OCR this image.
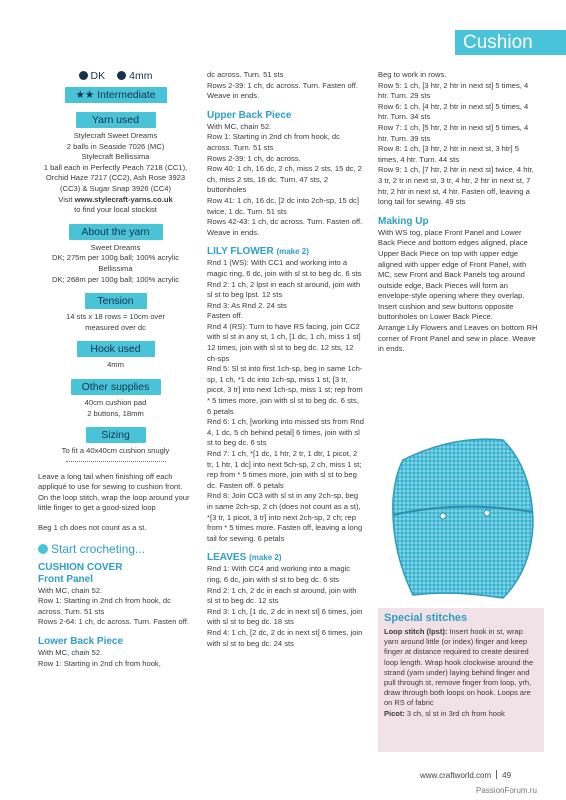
Cushion
DK	4mm
★★ Intermediate
Yarn used

Stylecraft Sweet Dreams

2 balls in Seaside 7026 (MC)

Stylecraft Bellissima

1 ball each in Perfectly Peach 7218 (CC1),

Orchid Haze 7217 (CC2), Ash Rose 3923

(CC3) & Sugar Snap 3926 (CC4)

Visit www.stylecraft-yarns.co.uk

to find your local stockist

About the yarn

Sweet Dreams

DK; 275m per 100g ball; 100% acrylic

Bellissima

DK; 268m per 100g ball; 100% acrylic

Tension

14 sts x 18 rows = 10cm over

measured over dc

Hook used

4mm

Other supplies

40cm cushion pad

2 buttons, 18mm

Sizing

To fit a 40x40cm cushion snugly

Leave a long tail when finishing off each appliqué to use for sewing to cushion front. On the loop stitch, wrap the loop around your little finger to get a good-sized loop

Beg 1 ch does not count as a st.

Start crocheting...
CUSHION COVER
Front Panel

With MC, chain 52.

Row 1: Starting in 2nd ch from hook, dc across. Turn. 51 sts

Rows 2-64: 1 ch, dc across. Turn. Fasten off.

Lower Back Piece

With MC, chain 52.

Row 1: Starting in 2nd ch from hook,

dc across. Turn. 51 sts

Rows 2-39: 1 ch, dc across. Turn. Fasten off. Weave in ends.

Upper Back Piece

With MC, chain 52.

Row 1: Starting in 2nd ch from hook, dc across. Turn. 51 sts

Rows 2-39: 1 ch, dc across.

Row 40: 1 ch, 16 dc, 2 ch, miss 2 sts, 15 dc, 2 ch, miss 2 sts, 16 dc. Turn. 47 sts, 2 buttonholes

Row 41: 1 ch, 16 dc, [2 dc into 2ch-sp, 15 dc] twice, 1 dc. Turn. 51 sts

Rows 42-43: 1 ch, dc across. Turn. Fasten off. Weave in ends.

LILY FLOWER (make 2)

Rnd 1 (WS): With CC1 and working into a magic ring, 6 dc, join with sl st to beg dc. 6 sts

Rnd 2: 1 ch, 2 lpst in each st around, join with sl st to beg lpst. 12 sts

Rnd 3: As Rnd 2. 24 sts

Fasten off.

Rnd 4 (RS): Turn to have RS facing, join CC2 with sl st in any st, 1 ch, [1 dc, 1 ch, miss 1 st] 12 times, join with sl st to beg dc. 12 sts, 12 ch-sps

Rnd 5: Sl st into first 1ch-sp, beg in same 1ch-sp, 1 ch, *1 dc into 1ch-sp, miss 1 st, [3 tr, picot, 3 tr] into next 1ch-sp, miss 1 st; rep from * 5 times more, join with sl st to beg dc. 6 sts, 6 petals

Rnd 6: 1 ch, [working into missed sts from Rnd 4, 1 dc, 5 ch behind petal] 6 times, join with sl st to beg dc. 6 sts

Rnd 7: 1 ch, *[1 dc, 1 htr, 2 tr, 1 dtr, 1 picot, 2 tr, 1 htr, 1 dc] into next 5ch-sp, 2 ch, miss 1 st; rep from * 5 times more, join with sl st to beg dc. Fasten off. 6 petals

Rnd 8: Join CC3 with sl st in any 2ch-sp, beg in same 2ch-sp, 2 ch (does not count as a st), *[3 tr, 1 picot, 3 tr] into next 2ch-sp, 2 ch; rep from * 5 times more. Fasten off, leaving a long tail for sewing. 6 petals

LEAVES (make 2)

Rnd 1: With CC4 and working into a magic ring, 6 dc, join with sl st to beg dc. 6 sts

Rnd 2: 1 ch, 2 dc in each st around, join with sl st to beg dc. 12 sts

Rnd 3: 1 ch, [1 dc, 2 dc in next st] 6 times, join with sl st to beg dc. 18 sts

Rnd 4: 1 ch, [2 dc, 2 dc in next st] 6 times, join with sl st to beg dc. 24 sts

Beg to work in rows.

Row 5: 1 ch, [3 htr, 2 htr in next st] 5 times, 4 htr. Turn. 29 sts

Row 6: 1 ch, [4 htr, 2 htr in next st] 5 times, 4 htr. Turn. 34 sts

Row 7: 1 ch, [5 htr, 2 htr in next st] 5 times, 4 htr. Turn. 39 sts

Row 8: 1 ch, [3 htr, 2 htr in next st, 3 htr] 5 times, 4 htr. Turn. 44 sts

Row 9: 1 ch, [7 htr, 2 htr in next st] twice, 4 htr, 3 tr, 2 tr in next st, 3 tr, 4 htr, 2 htr in next st, 7 htr, 2 htr in next st, 4 htr. Fasten off, leaving a long tail for sewing. 49 sts

Making Up

With WS tog, place Front Panel and Lower Back Piece and bottom edges aligned, place Upper Back Piece on top with upper edge aligned with upper edge of Front Panel, with MC, sew Front and Back Panels tog around outside edge, Back Pieces will form an envelope-style opening where they overlap. Insert cushion and sew buttons opposite buttonholes on Lower Back Piece.

Arrange Lily Flowers and Leaves on bottom RH corner of Front Panel and sew in place. Weave in ends.

Special stitches

Loop stitch (lpst): Insert hook in st, wrap yarn around little (or index) finger and keep finger at distance required to create desired loop length. Wrap hook clockwise around the strand (yarn under) laying behind finger and pull through st, remove finger from loop, yrh, draw through both loops on hook. Loops are on RS of fabric

Picot: 3 ch, sl st in 3rd ch from hook

www.craftworld.com 49
PassionForum.ru
